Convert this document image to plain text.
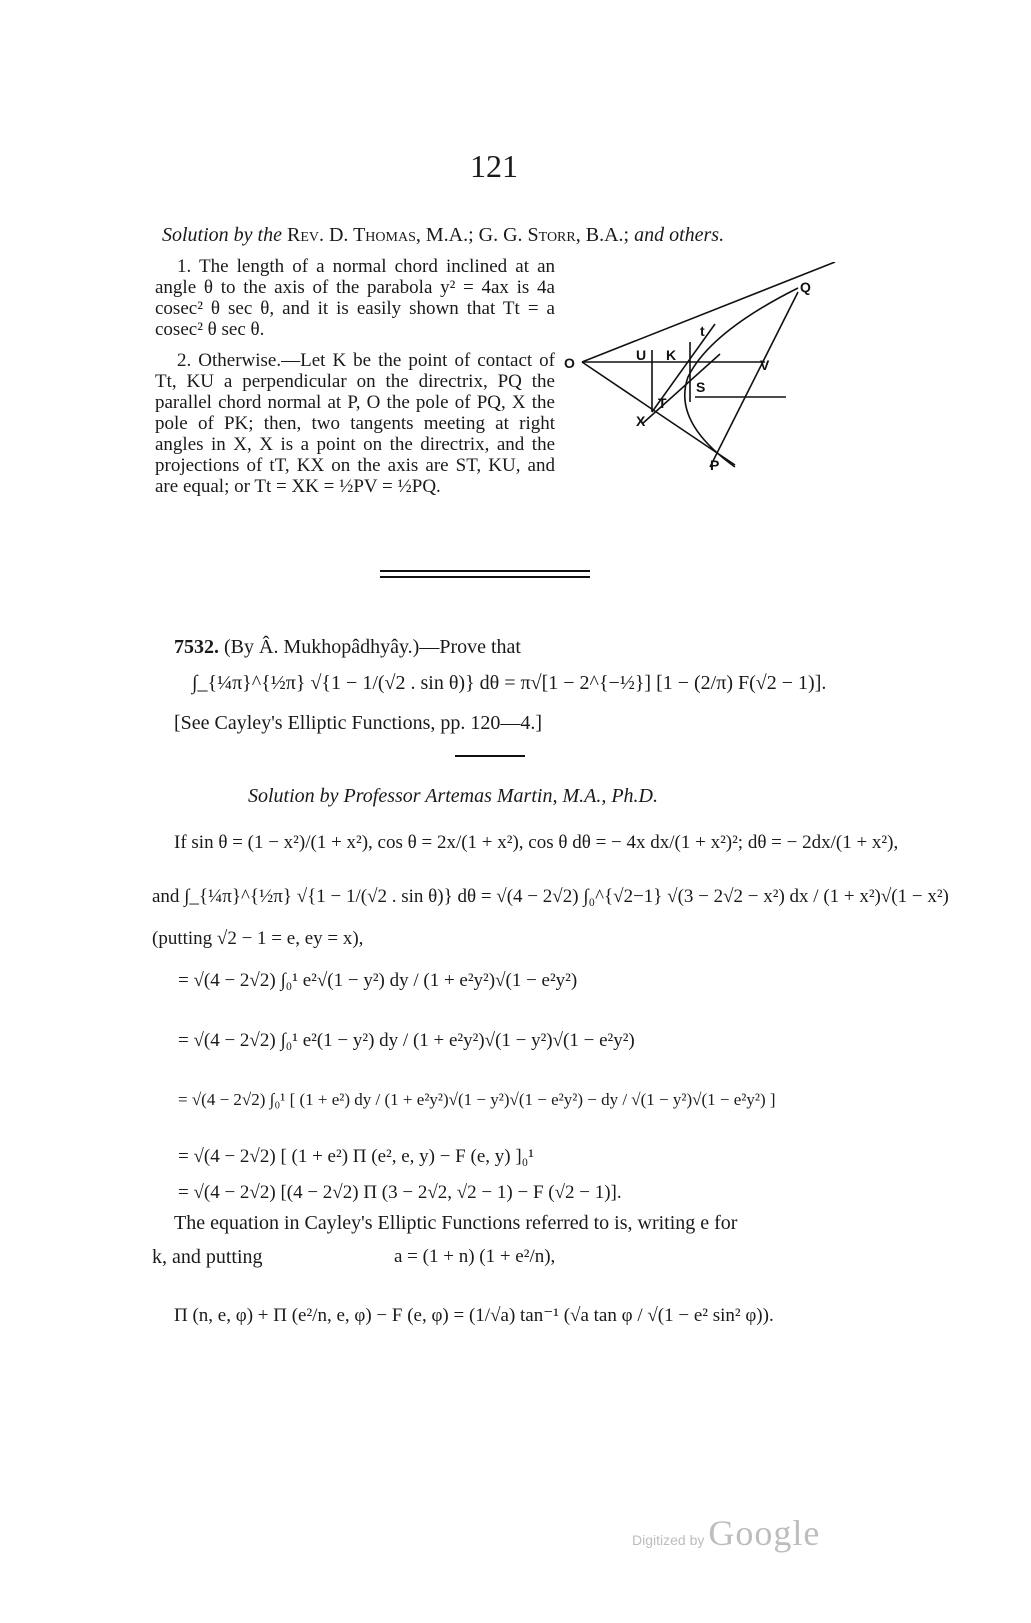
121
Solution by the Rev. D. Thomas, M.A.; G. G. Storr, B.A.; and others.

1. The length of a normal chord inclined at an angle θ to the axis of the parabola y² = 4ax is 4a cosec² θ sec θ, and it is easily shown that Tt = a cosec² θ sec θ.

2. Otherwise.—Let K be the point of contact of Tt, KU a perpendicular on the directrix, PQ the parallel chord normal at P, O the pole of PQ, X the pole of PK; then, two tangents meeting at right angles in X, X is a point on the directrix, and the projections of tT, KX on the axis are ST, KU, and are equal; or Tt = XK = ½PV = ½PQ.

Q
t
O	U K
V
S
T
X
P
7532. (By Â. Mukhopâdhyây.)—Prove that
∫_{¼π}^{½π} √{1 − 1/(√2 . sin θ)} dθ = π√[1 − 2^{−½}] [1 − (2/π) F(√2 − 1)].
[See Cayley's Elliptic Functions, pp. 120—4.]
Solution by Professor Artemas Martin, M.A., Ph.D.
If sin θ = (1 − x²)/(1 + x²), cos θ = 2x/(1 + x²), cos θ dθ = − 4x dx/(1 + x²)²; dθ = − 2dx/(1 + x²),
and ∫_{¼π}^{½π} √{1 − 1/(√2 . sin θ)} dθ = √(4 − 2√2) ∫₀^{√2−1} √(3 − 2√2 − x²) dx / (1 + x²)√(1 − x²)
(putting √2 − 1 = e, ey = x),
= √(4 − 2√2) ∫₀¹ e²√(1 − y²) dy / (1 + e²y²)√(1 − e²y²)
= √(4 − 2√2) ∫₀¹ e²(1 − y²) dy / (1 + e²y²)√(1 − y²)√(1 − e²y²)
= √(4 − 2√2) ∫₀¹ [ (1 + e²) dy / (1 + e²y²)√(1 − y²)√(1 − e²y²) − dy / √(1 − y²)√(1 − e²y²) ]
= √(4 − 2√2) [ (1 + e²) Π (e², e, y) − F (e, y) ]₀¹
= √(4 − 2√2) [(4 − 2√2) Π (3 − 2√2, √2 − 1) − F (√2 − 1)].
The equation in Cayley's Elliptic Functions referred to is, writing e for
k, and putting	a = (1 + n) (1 + e²/n),
Π (n, e, φ) + Π (e²/n, e, φ) − F (e, φ) = (1/√a) tan⁻¹ (√a tan φ / √(1 − e² sin² φ)).
Digitized by Google
